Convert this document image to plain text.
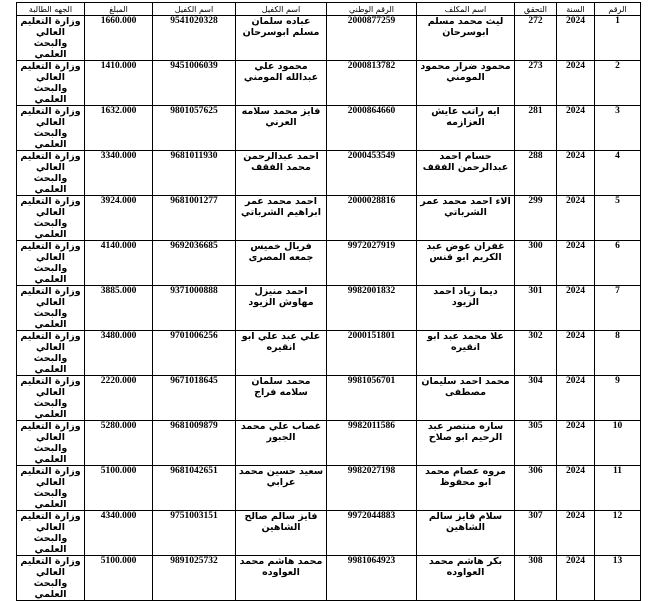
الرقم	السنة	التحقق	اسم المكلف	الرقم الوطني	اسم الكفيل	اسم الكفيل	المبلغ	الجهه الطالبة
1	2024	272	ليث محمد مسلم ابوسرحان	2000877259	عباده سلمان مسلم ابوسرحان	9541020328	1660.000	وزارة التعليم العالي والبحث العلمي
2	2024	273	محمود ضرار محمود المومني	2000813782	محمود علي عبدالله المومني	9451006039	1410.000	وزارة التعليم العالي والبحث العلمي
3	2024	281	ايه راتب عايش العزازمه	2000864660	فايز محمد سلامه العرني	9801057625	1632.000	وزارة التعليم العالي والبحث العلمي
4	2024	288	حسام احمد عبدالرحمن الفقف	2000453549	احمد عبدالرحمن محمد الفقف	9681011930	3340.000	وزارة التعليم العالي والبحث العلمي
5	2024	299	الاء احمد محمد عمر الشرباتي	2000028816	احمد محمد عمر ابراهيم الشرباتي	9681001277	3924.000	وزارة التعليم العالي والبحث العلمي
6	2024	300	غفران عوض عبد الكريم ابو قنس	9972027919	فريال خميس جمعه المصرى	9692036685	4140.000	وزارة التعليم العالي والبحث العلمي
7	2024	301	ديما زياد احمد الزيود	9982001832	احمد منيزل مهاوش الزيود	9371000888	3885.000	وزارة التعليم العالي والبحث العلمي
8	2024	302	علا محمد عبد ابو انقيره	2000151801	علي عبد علي ابو انقيره	9701006256	3480.000	وزارة التعليم العالي والبحث العلمي
9	2024	304	محمد احمد سليمان مصطفى	9981056701	محمد سلمان سلامه فراج	9671018645	2220.000	وزارة التعليم العالي والبحث العلمي
10	2024	305	ساره منتصر عبد الرحيم ابو صلاح	9982011586	غصاب علي محمد الجبور	9681009879	5280.000	وزارة التعليم العالي والبحث العلمي
11	2024	306	مروه عصام محمد ابو محفوظ	9982027198	سعيد حسين محمد عرابي	9681042651	5100.000	وزارة التعليم العالي والبحث العلمي
12	2024	307	سلام فايز سالم الشاهين	9972044883	فايز سالم صالح الشاهين	9751003151	4340.000	وزارة التعليم العالي والبحث العلمي
13	2024	308	بكر هاشم محمد العواوده	9981064923	محمد هاشم محمد العواوده	9891025732	5100.000	وزارة التعليم العالي والبحث العلمي
